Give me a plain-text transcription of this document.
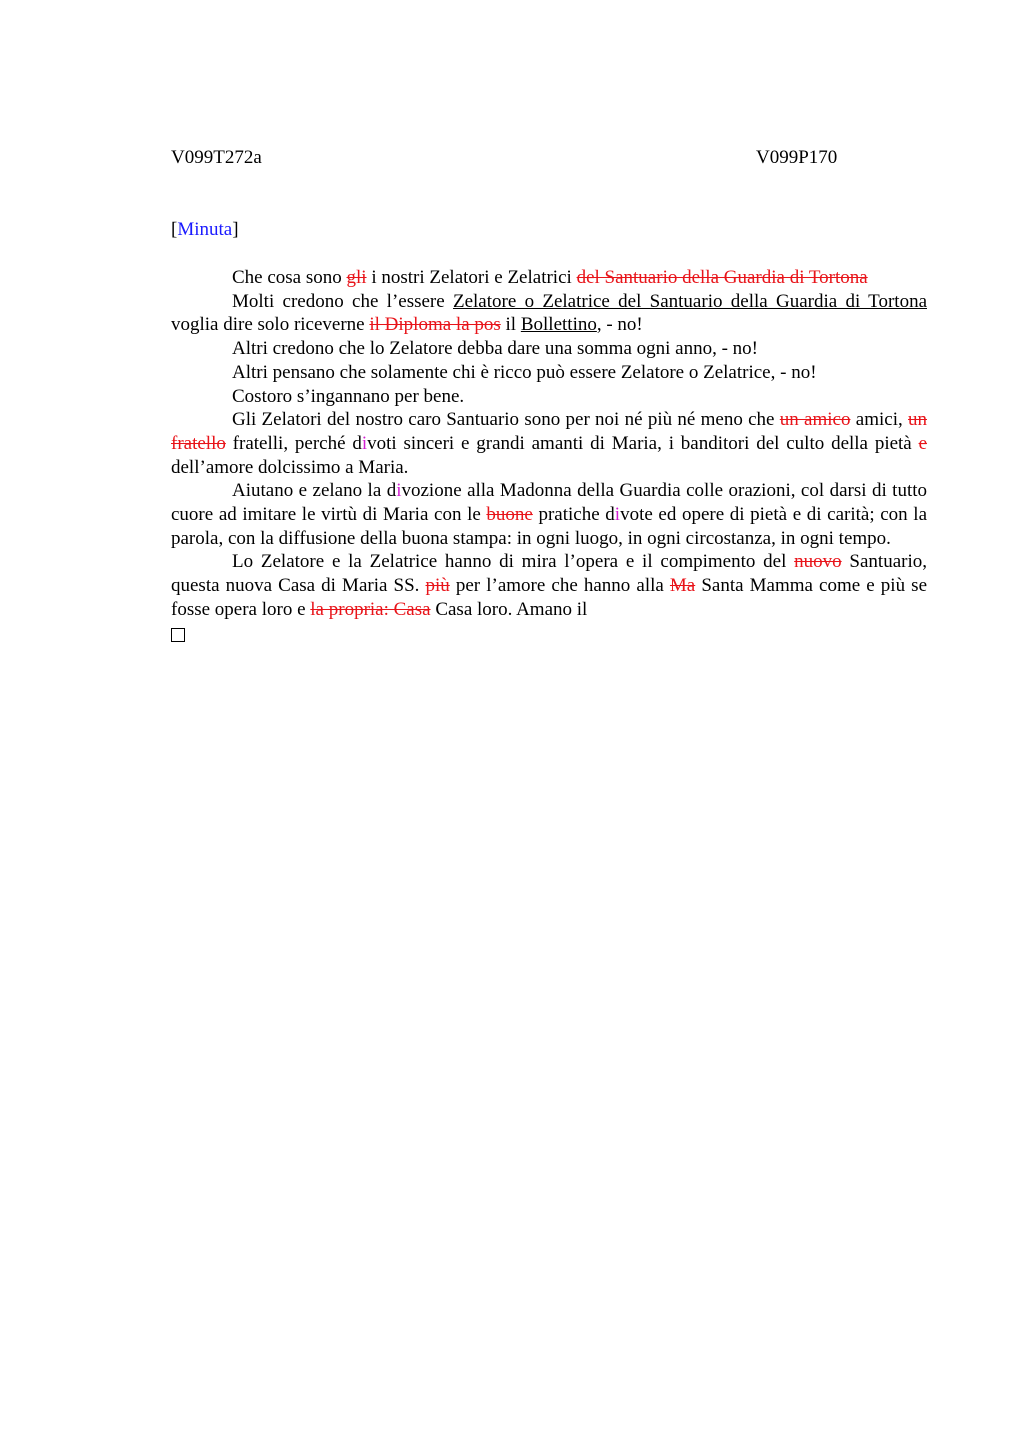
V099T272a	V099P170
[Minuta]

Che cosa sono gli i nostri Zelatori e Zelatrici del Santuario della Guardia di Tortona

Molti credono che l’essere Zelatore o Zelatrice del Santuario della Guardia di Tortona voglia dire solo riceverne il Diploma la pos il Bollettino, - no!

Altri credono che lo Zelatore debba dare una somma ogni anno, - no!

Altri pensano che solamente chi è ricco può essere Zelatore o Zelatrice, - no!

Costoro s’ingannano per bene.

Gli Zelatori del nostro caro Santuario sono per noi né più né meno che un amico amici, un fratello fratelli, perché divoti sinceri e grandi amanti di Maria, i banditori del culto della pietà e dell’amore dolcissimo a Maria.

Aiutano e zelano la divozione alla Madonna della Guardia colle orazioni, col darsi di tutto cuore ad imitare le virtù di Maria con le buone pratiche divote ed opere di pietà e di carità; con la parola, con la diffusione della buona stampa: in ogni luogo, in ogni circostanza, in ogni tempo.

Lo Zelatore e la Zelatrice hanno di mira l’opera e il compimento del nuovo Santuario, questa nuova Casa di Maria SS. più per l’amore che hanno alla Ma Santa Mamma come e più se fosse opera loro e la propria: Casa Casa loro. Amano il
